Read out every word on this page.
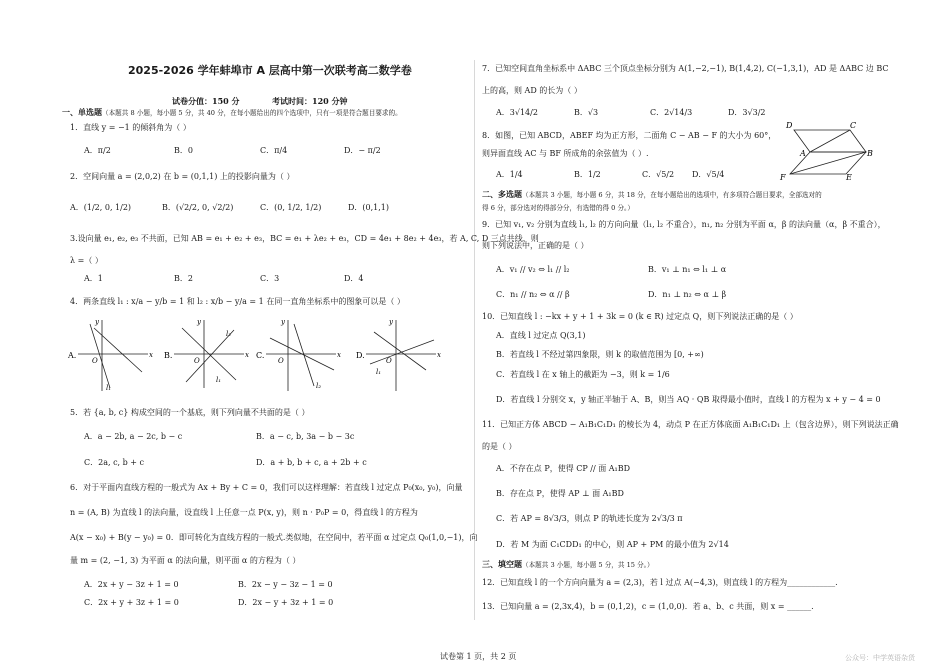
2025-2026 学年蚌埠市 A 层高中第一次联考高二数学卷
试卷分值：150 分	考试时间：120 分钟
一、单选题（本题共 8 小题，每小题 5 分，共 40 分，在每小题给出的四个选项中，只有一项是符合题目要求的。
1．直线 y = −1 的倾斜角为（ ）
A．π/2	B．0	C．π/4	D．− π/2
2．空间向量 a = (2,0,2) 在 b = (0,1,1) 上的投影向量为（ ）
A．(1/2, 0, 1/2)	B．(√2/2, 0, √2/2)	C．(0, 1/2, 1/2)	D．(0,1,1)
3.设向量 e₁, e₂, e₃ 不共面，已知 AB = e₁ + e₂ + e₃，BC = e₁ + λe₂ + e₃，CD = 4e₁ + 8e₂ + 4e₃，若 A, C, D 三点共线，则
λ =（ ）
A．1	B．2	C．3	D．4
4．两条直线 l₁ : x/a − y/b = 1 和 l₂ : x/b − y/a = 1 在同一直角坐标系中的图象可以是（ ）
A.	x
y
O
l₁
B.	x
y
O
l₂
l₁
C.	x
y
O
l₂
D.	x
y
O
l₁
5．若 {a, b, c} 构成空间的一个基底，则下列向量不共面的是（ ）
A．a − 2b, a − 2c, b − c	B．a − c, b, 3a − b − 3c
C．2a, c, b + c	D．a + b, b + c, a + 2b + c
6．对于平面内直线方程的一般式为 Ax + By + C = 0，我们可以这样理解：若直线 l 过定点 P₀(x₀, y₀)，向量
n = (A, B) 为直线 l 的法向量，设直线 l 上任意一点 P(x, y)，则 n · P₀P = 0，得直线 l 的方程为
A(x − x₀) + B(y − y₀) = 0．即可转化为直线方程的一般式.类似地，在空间中，若平面 α 过定点 Q₀(1,0,−1)，向
量 m = (2, −1, 3) 为平面 α 的法向量，则平面 α 的方程为（ ）
A．2x + y − 3z + 1 = 0	B．2x − y − 3z − 1 = 0
C．2x + y + 3z + 1 = 0	D．2x − y + 3z + 1 = 0
7．已知空间直角坐标系中 ΔABC 三个顶点坐标分别为 A(1,−2,−1), B(1,4,2), C(−1,3,1)，AD 是 ΔABC 边 BC
上的高，则 AD 的长为（ ）
A．3√14/2	B．√3	C．2√14/3	D．3√3/2
8．如图，已知 ABCD，ABEF 均为正方形，二面角 C − AB − F 的大小为 60°，
则异面直线 AC 与 BF 所成角的余弦值为（ ）.
A．1/4	B．1/2	C．√5/2 D．√5/4
D	C
A	B
F	E
二、多选题（本题共 3 小题，每小题 6 分，共 18 分，在每小题给出的选项中，有多项符合题目要求，全部选对的
得 6 分，部分选对的得部分分，有选错的得 0 分。）
9．已知 v₁, v₂ 分别为直线 l₁, l₂ 的方向向量（l₁, l₂ 不重合），n₁, n₂ 分别为平面 α，β 的法向量（α，β 不重合），
则下列说法中，正确的是（ ）
A．v₁ // v₂ ⇔ l₁ // l₂	B．v₁ ⊥ n₁ ⇔ l₁ ⊥ α
C．n₁ // n₂ ⇔ α // β	D．n₁ ⊥ n₂ ⇔ α ⊥ β
10．已知直线 l : −kx + y + 1 + 3k = 0 (k ∈ R) 过定点 Q，则下列说法正确的是（ ）
A．直线 l 过定点 Q(3,1)
B．若直线 l 不经过第四象限，则 k 的取值范围为 [0, +∞)
C．若直线 l 在 x 轴上的截距为 −3，则 k = 1/6
D．若直线 l 分别交 x，y 轴正半轴于 A、B，则当 AQ · QB 取得最小值时，直线 l 的方程为 x + y − 4 = 0
11．已知正方体 ABCD − A₁B₁C₁D₁ 的棱长为 4，动点 P 在正方体底面 A₁B₁C₁D₁ 上（包含边界），则下列说法正确
的是（ ）
A．不存在点 P，使得 CP // 面 A₁BD
B．存在点 P，使得 AP ⊥ 面 A₁BD
C．若 AP = 8√3/3，则点 P 的轨迹长度为 2√3/3 π
D．若 M 为面 C₁CDD₁ 的中心，则 AP + PM 的最小值为 2√14
三、填空题（本题共 3 小题，每小题 5 分，共 15 分。）
12．已知直线 l 的一个方向向量为 a = (2,3)，若 l 过点 A(−4,3)，则直线 l 的方程为____________.
13．已知向量 a = (2,3x,4)，b = (0,1,2)，c = (1,0,0)．若 a、b、c 共面，则 x = ______.
试卷第 1 页，共 2 页	公众号：中学英语杂货
